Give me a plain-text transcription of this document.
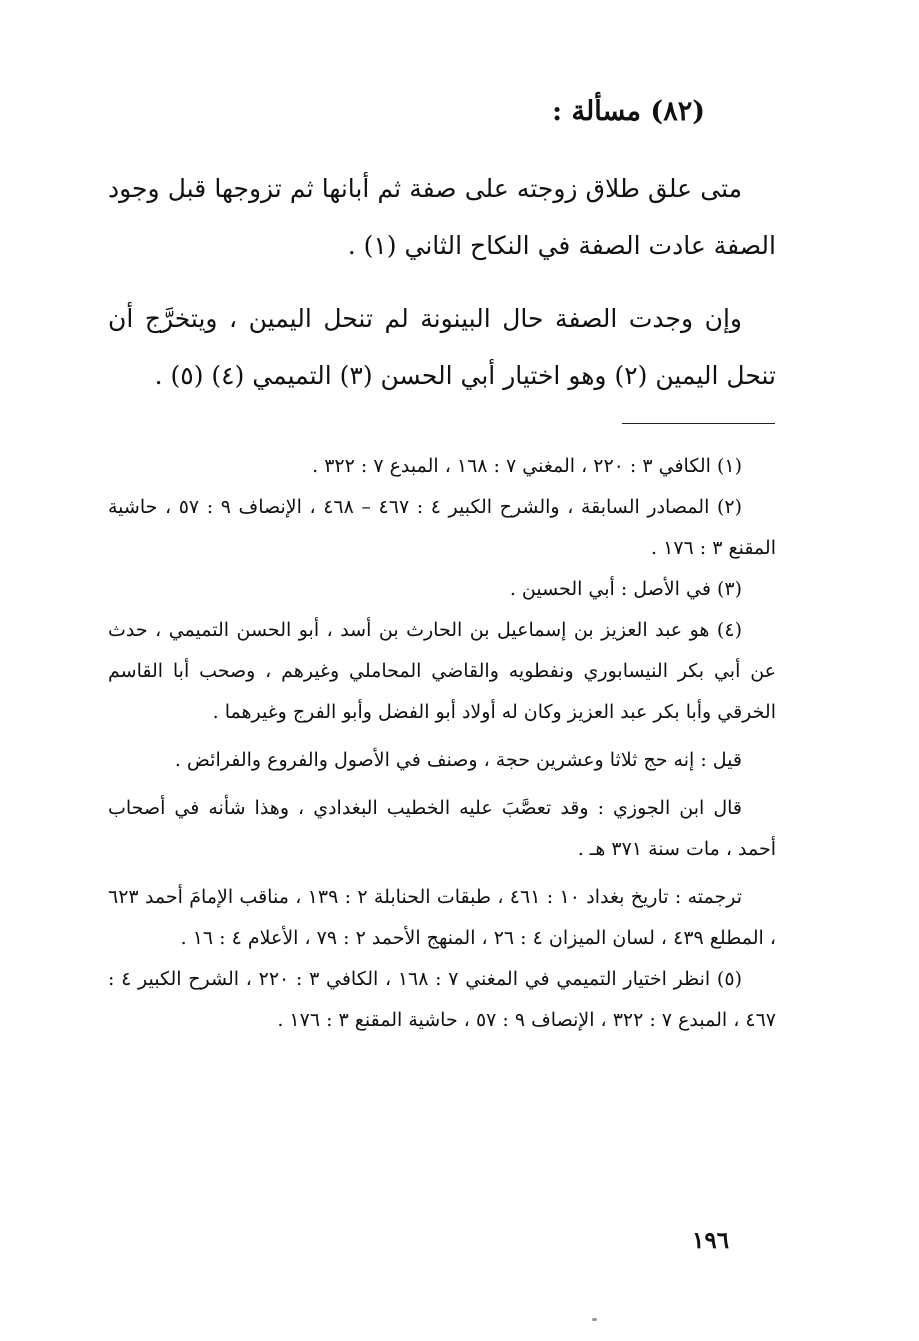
(٨٢) مسألة :

متى علق طلاق زوجته على صفة ثم أبانها ثم تزوجها قبل وجود الصفة عادت الصفة في النكاح الثاني (١) .

وإن وجدت الصفة حال البينونة لم تنحل اليمين ، ويتخرَّج أن تنحل اليمين (٢) وهو اختيار أبي الحسن (٣) التميمي (٤) (٥) .

(١) الكافي ٣ : ٢٢٠ ، المغني ٧ : ١٦٨ ، المبدع ٧ : ٣٢٢ .

(٢) المصادر السابقة ، والشرح الكبير ٤ : ٤٦٧ – ٤٦٨ ، الإنصاف ٩ : ٥٧ ، حاشية المقنع ٣ : ١٧٦ .

(٣) في الأصل : أبي الحسين .

(٤) هو عبد العزيز بن إسماعيل بن الحارث بن أسد ، أبو الحسن التميمي ، حدث عن أبي بكر النيسابوري ونفطويه والقاضي المحاملي وغيرهم ، وصحب أبا القاسم الخرقي وأبا بكر عبد العزيز وكان له أولاد أبو الفضل وأبو الفرج وغيرهما .

قيل : إنه حج ثلاثا وعشرين حجة ، وصنف في الأصول والفروع والفرائض .

قال ابن الجوزي : وقد تعصَّبَ عليه الخطيب البغدادي ، وهذا شأنه في أصحاب أحمد ، مات سنة ٣٧١ هـ .

ترجمته : تاريخ بغداد ١٠ : ٤٦١ ، طبقات الحنابلة ٢ : ١٣٩ ، مناقب الإمامَ أحمد ٦٢٣ ، المطلع ٤٣٩ ، لسان الميزان ٤ : ٢٦ ، المنهج الأحمد ٢ : ٧٩ ، الأعلام ٤ : ١٦ .

(٥) انظر اختيار التميمي في المغني ٧ : ١٦٨ ، الكافي ٣ : ٢٢٠ ، الشرح الكبير ٤ : ٤٦٧ ، المبدع ٧ : ٣٢٢ ، الإنصاف ٩ : ٥٧ ، حاشية المقنع ٣ : ١٧٦ .

١٩٦
